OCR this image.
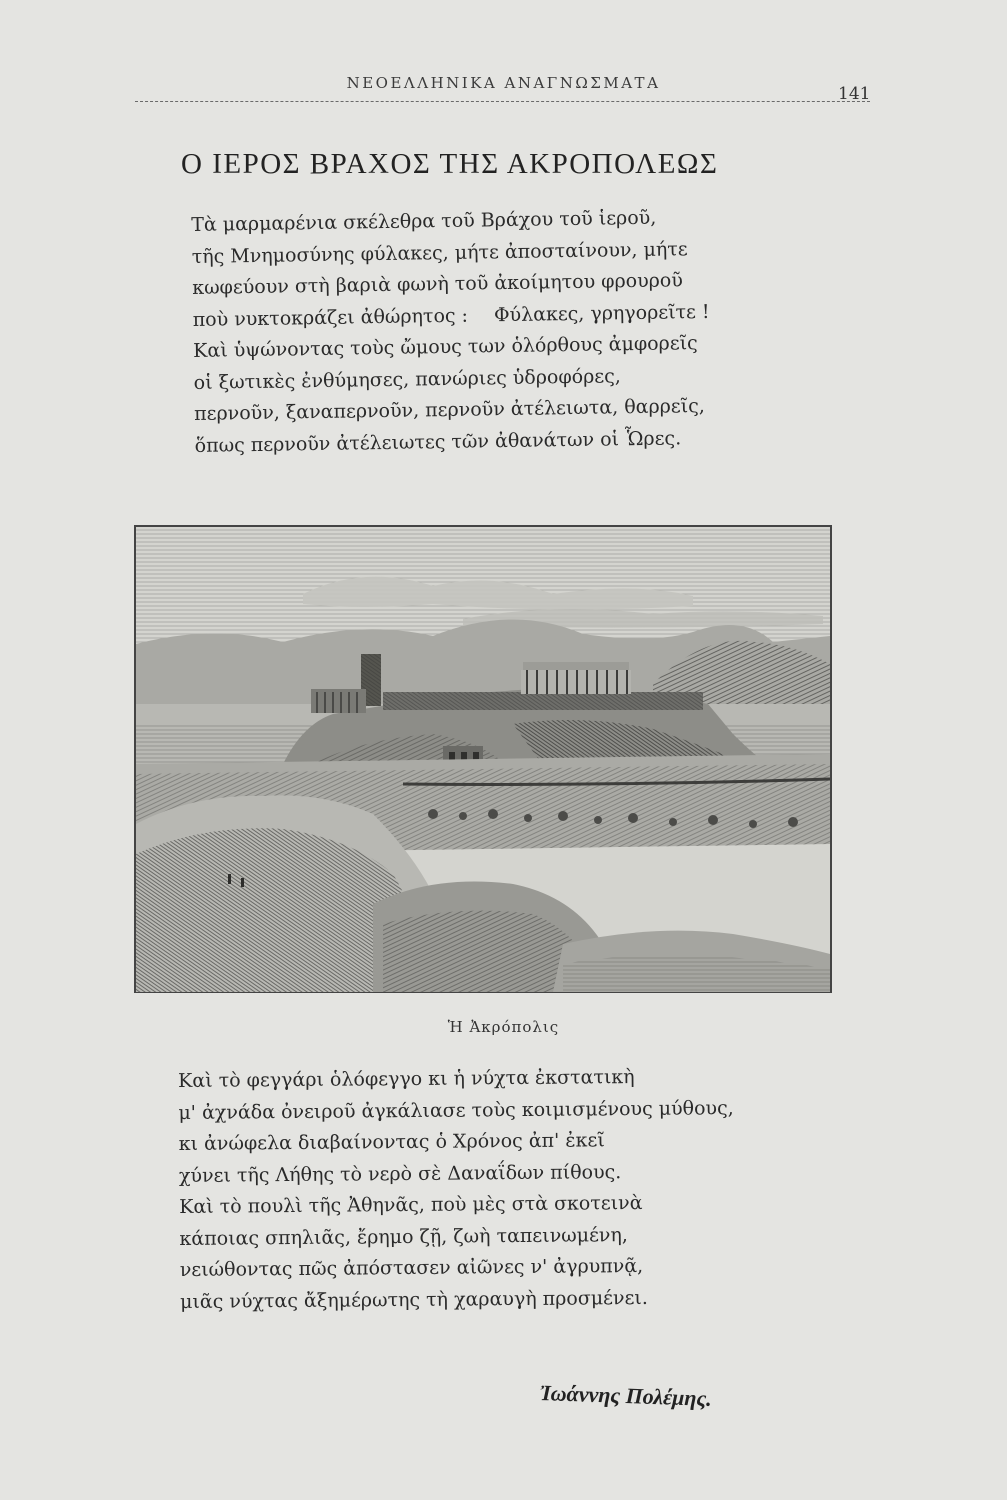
ΝΕΟΕΛΛΗΝΙΚΑ ΑΝΑΓΝΩΣΜΑΤΑ
141
Ο ΙΕΡΟΣ ΒΡΑΧΟΣ ΤΗΣ ΑΚΡΟΠΟΛΕΩΣ
Τὰ μαρμαρένια σκέλεθρα τοῦ Βράχου τοῦ ἱεροῦ,
τῆς Μνημοσύνης φύλακες, μήτε ἀποσταίνουν, μήτε
κωφεύουν στὴ βαριὰ φωνὴ τοῦ ἀκοίμητου φρουροῦ
ποὺ νυκτοκράζει ἀθώρητος : Φύλακες, γρηγορεῖτε !
Καὶ ὑψώνοντας τοὺς ὤμους των ὁλόρθους ἀμφορεῖς
οἱ ξωτικὲς ἐνθύμησες, πανώριες ὑδροφόρες,
περνοῦν, ξαναπερνοῦν, περνοῦν ἀτέλειωτα, θαρρεῖς,
ὅπως περνοῦν ἀτέλειωτες τῶν ἀθανάτων οἱ Ὧρες.
Ἡ Ἀκρόπολις
Καὶ τὸ φεγγάρι ὁλόφεγγο κι ἡ νύχτα ἐκστατικὴ
μ' ἀχνάδα ὀνειροῦ ἀγκάλιασε τοὺς κοιμισμένους μύθους,
κι ἀνώφελα διαβαίνοντας ὁ Χρόνος ἀπ' ἐκεῖ
χύνει τῆς Λήθης τὸ νερὸ σὲ Δαναΐδων πίθους.
Καὶ τὸ πουλὶ τῆς Ἀθηνᾶς, ποὺ μὲς στὰ σκοτεινὰ
κάποιας σπηλιᾶς, ἔρημο ζῇ, ζωὴ ταπεινωμένη,
νειώθοντας πῶς ἀπόστασεν αἰῶνες ν' ἀγρυπνᾷ,
μιᾶς νύχτας ἄξημέρωτης τὴ χαραυγὴ προσμένει.
Ἰωάννης Πολέμης.
